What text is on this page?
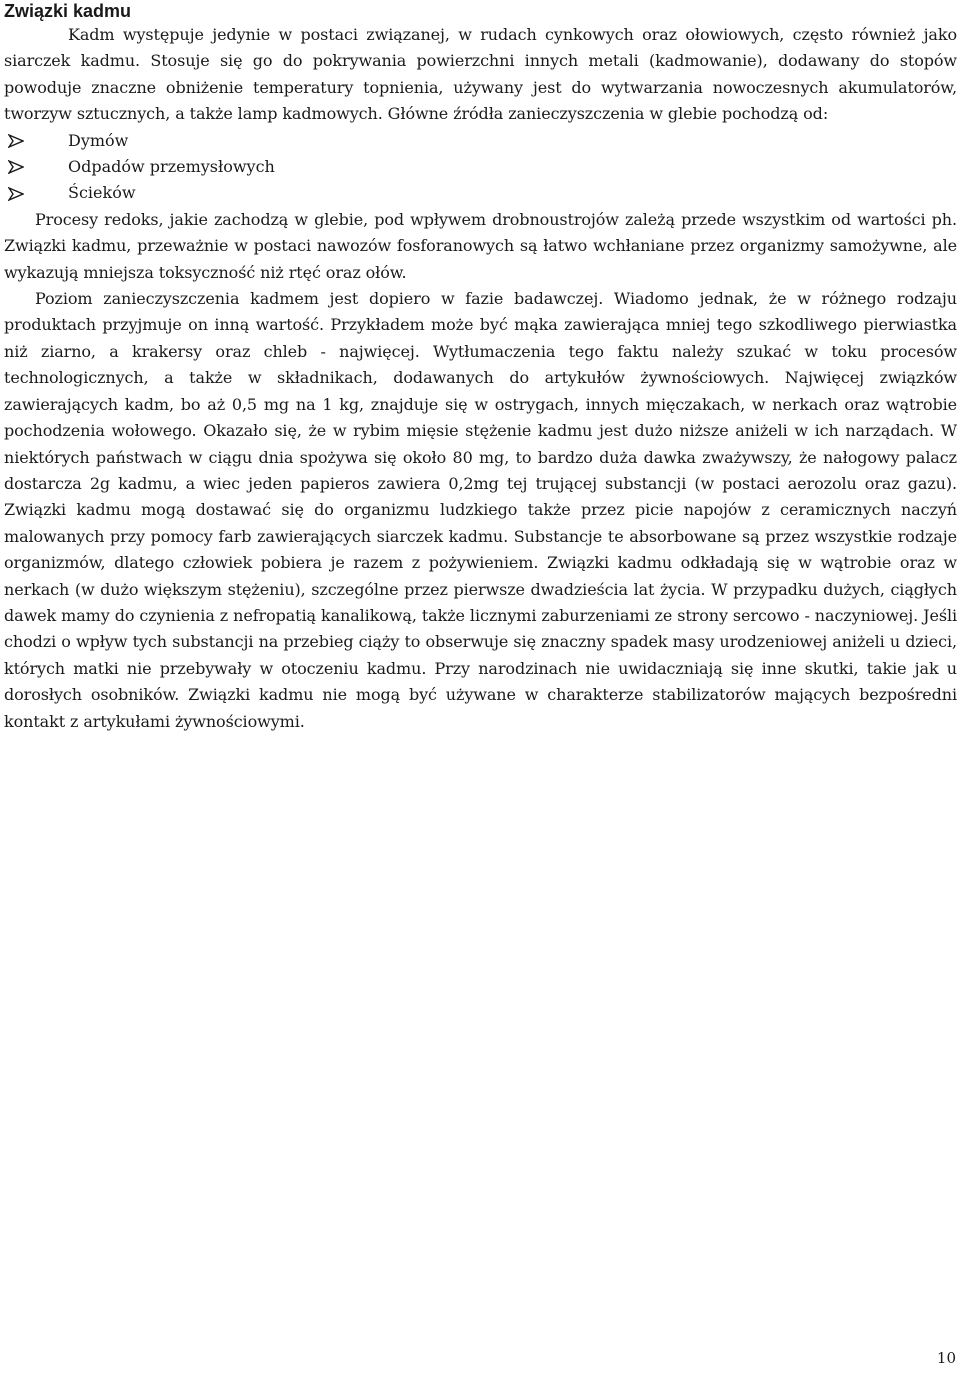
Związki kadmu

Kadm występuje jedynie w postaci związanej, w rudach cynkowych oraz ołowiowych, często również jako siarczek kadmu. Stosuje się go do pokrywania powierzchni innych metali (kadmowanie), dodawany do stopów powoduje znaczne obniżenie temperatury topnienia, używany jest do wytwarzania nowoczesnych akumulatorów, tworzyw sztucznych, a także lamp kadmowych. Główne źródła zanieczyszczenia w glebie pochodzą od:

Dymów
Odpadów przemysłowych
Ścieków

Procesy redoks, jakie zachodzą w glebie, pod wpływem drobnoustrojów zależą przede wszystkim od wartości ph. Związki kadmu, przeważnie w postaci nawozów fosforanowych są łatwo wchłaniane przez organizmy samożywne, ale wykazują mniejsza toksyczność niż rtęć oraz ołów.

Poziom zanieczyszczenia kadmem jest dopiero w fazie badawczej. Wiadomo jednak, że w różnego rodzaju produktach przyjmuje on inną wartość. Przykładem może być mąka zawierająca mniej tego szkodliwego pierwiastka niż ziarno, a krakersy oraz chleb - najwięcej. Wytłumaczenia tego faktu należy szukać w toku procesów technologicznych, a także w składnikach, dodawanych do artykułów żywnościowych. Najwięcej związków zawierających kadm, bo aż 0,5 mg na 1 kg, znajduje się w ostrygach, innych mięczakach, w nerkach oraz wątrobie pochodzenia wołowego. Okazało się, że w rybim mięsie stężenie kadmu jest dużo niższe aniżeli w ich narządach. W niektórych państwach w ciągu dnia spożywa się około 80 mg, to bardzo duża dawka zważywszy, że nałogowy palacz dostarcza 2g kadmu, a wiec jeden papieros zawiera 0,2mg tej trującej substancji (w postaci aerozolu oraz gazu). Związki kadmu mogą dostawać się do organizmu ludzkiego także przez picie napojów z ceramicznych naczyń malowanych przy pomocy farb zawierających siarczek kadmu. Substancje te absorbowane są przez wszystkie rodzaje organizmów, dlatego człowiek pobiera je razem z pożywieniem. Związki kadmu odkładają się w wątrobie oraz w nerkach (w dużo większym stężeniu), szczególne przez pierwsze dwadzieścia lat życia. W przypadku dużych, ciągłych dawek mamy do czynienia z nefropatią kanalikową, także licznymi zaburzeniami ze strony sercowo - naczyniowej. Jeśli chodzi o wpływ tych substancji na przebieg ciąży to obserwuje się znaczny spadek masy urodzeniowej aniżeli u dzieci, których matki nie przebywały w otoczeniu kadmu. Przy narodzinach nie uwidaczniają się inne skutki, takie jak u dorosłych osobników. Związki kadmu nie mogą być używane w charakterze stabilizatorów mających bezpośredni kontakt z artykułami żywnościowymi.

10
